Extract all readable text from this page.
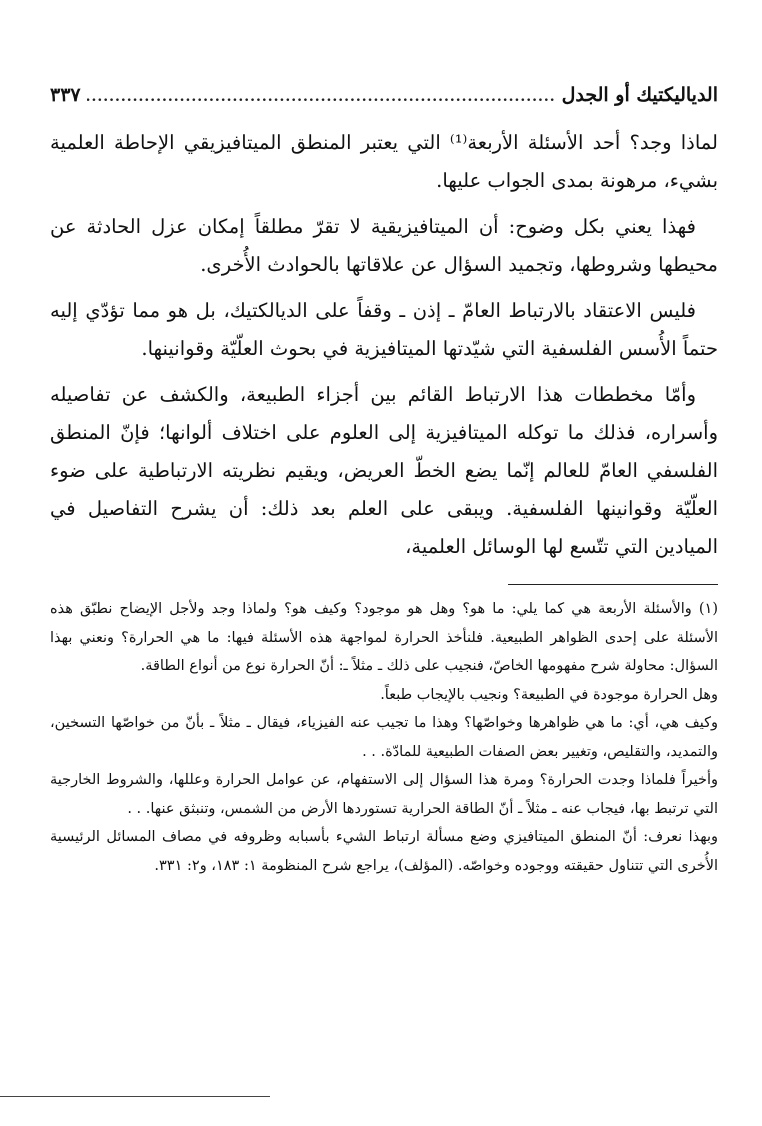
الدياليكتيك أو الجدل
.....
٣٣٧

لماذا وجد؟ أحد الأسئلة الأربعة⁽¹⁾ التي يعتبر المنطق الميتافيزيقي الإحاطة العلمية بشيء، مرهونة بمدى الجواب عليها.

فهذا يعني بكل وضوح: أن الميتافيزيقية لا تقرّ مطلقاً إمكان عزل الحادثة عن محيطها وشروطها، وتجميد السؤال عن علاقاتها بالحوادث الأُخرى.

فليس الاعتقاد بالارتباط العامّ ـ إذن ـ وقفاً على الديالكتيك، بل هو مما تؤدّي إليه حتماً الأُسس الفلسفية التي شيّدتها الميتافيزية في بحوث العلّيّة وقوانينها.

وأمّا مخططات هذا الارتباط القائم بين أجزاء الطبيعة، والكشف عن تفاصيله وأسراره، فذلك ما توكله الميتافيزية إلى العلوم على اختلاف ألوانها؛ فإنّ المنطق الفلسفي العامّ للعالم إنّما يضع الخطّ العريض، ويقيم نظريته الارتباطية على ضوء العلّيّة وقوانينها الفلسفية. ويبقى على العلم بعد ذلك: أن يشرح التفاصيل في الميادين التي تتّسع لها الوسائل العلمية،

(١) والأسئلة الأربعة هي كما يلي: ما هو؟ وهل هو موجود؟ وكيف هو؟ ولماذا وجد ولأجل الإيضاح نطبّق هذه الأسئلة على إحدى الظواهر الطبيعية. فلنأخذ الحرارة لمواجهة هذه الأسئلة فيها: ما هي الحرارة؟ ونعني بهذا السؤال: محاولة شرح مفهومها الخاصّ، فنجيب على ذلك ـ مثلاً ـ: أنّ الحرارة نوع من أنواع الطاقة.

وهل الحرارة موجودة في الطبيعة؟ ونجيب بالإيجاب طبعاً.

وكيف هي، أي: ما هي ظواهرها وخواصّها؟ وهذا ما تجيب عنه الفيزياء، فيقال ـ مثلاً ـ بأنّ من خواصّها التسخين، والتمديد، والتقليص، وتغيير بعض الصفات الطبيعية للمادّة. . .

وأخيراً فلماذا وجدت الحرارة؟ ومرة هذا السؤال إلى الاستفهام، عن عوامل الحرارة وعللها، والشروط الخارجية التي ترتبط بها، فيجاب عنه ـ مثلاً ـ أنّ الطاقة الحرارية تستوردها الأرض من الشمس، وتنبثق عنها. . .

وبهذا نعرف: أنّ المنطق الميتافيزي وضع مسألة ارتباط الشيء بأسبابه وظروفه في مصاف المسائل الرئيسية الأُخرى التي تتناول حقيقته ووجوده وخواصّه. (المؤلف)، يراجع شرح المنظومة ١: ١٨٣، و٢: ٣٣١.
